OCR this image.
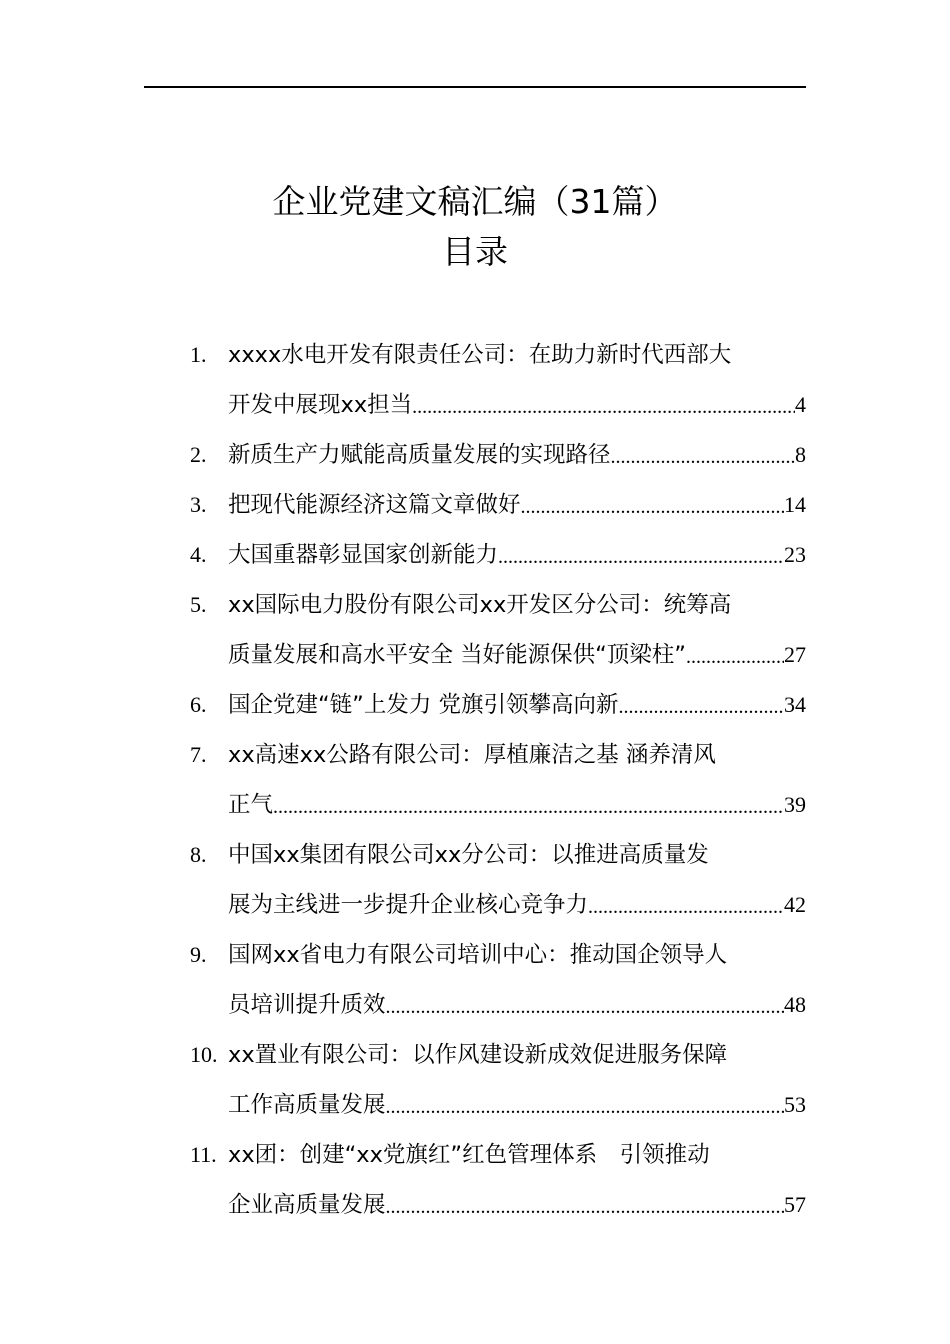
企业党建文稿汇编（31篇）
目录
1. xxxx水电开发有限责任公司：在助力新时代西部大
开发中展现xx担当 .....	4
2. 新质生产力赋能高质量发展的实现路径 .....	8
3. 把现代能源经济这篇文章做好 .....	14
4. 大国重器彰显国家创新能力 .....	23
5. xx国际电力股份有限公司xx开发区分公司：统筹高
质量发展和高水平安全 当好能源保供“顶梁柱” .....	27
6. 国企党建“链”上发力 党旗引领攀高向新 .....	34
7. xx高速xx公路有限公司：厚植廉洁之基 涵养清风
正气 .....	39
8. 中国xx集团有限公司xx分公司：以推进高质量发
展为主线进一步提升企业核心竞争力 .....	42
9. 国网xx省电力有限公司培训中心：推动国企领导人
员培训提升质效 .....	48
10. xx置业有限公司：以作风建设新成效促进服务保障
工作高质量发展 .....	53
11. xx团：创建“xx党旗红”红色管理体系　引领推动
企业高质量发展 .....	57
